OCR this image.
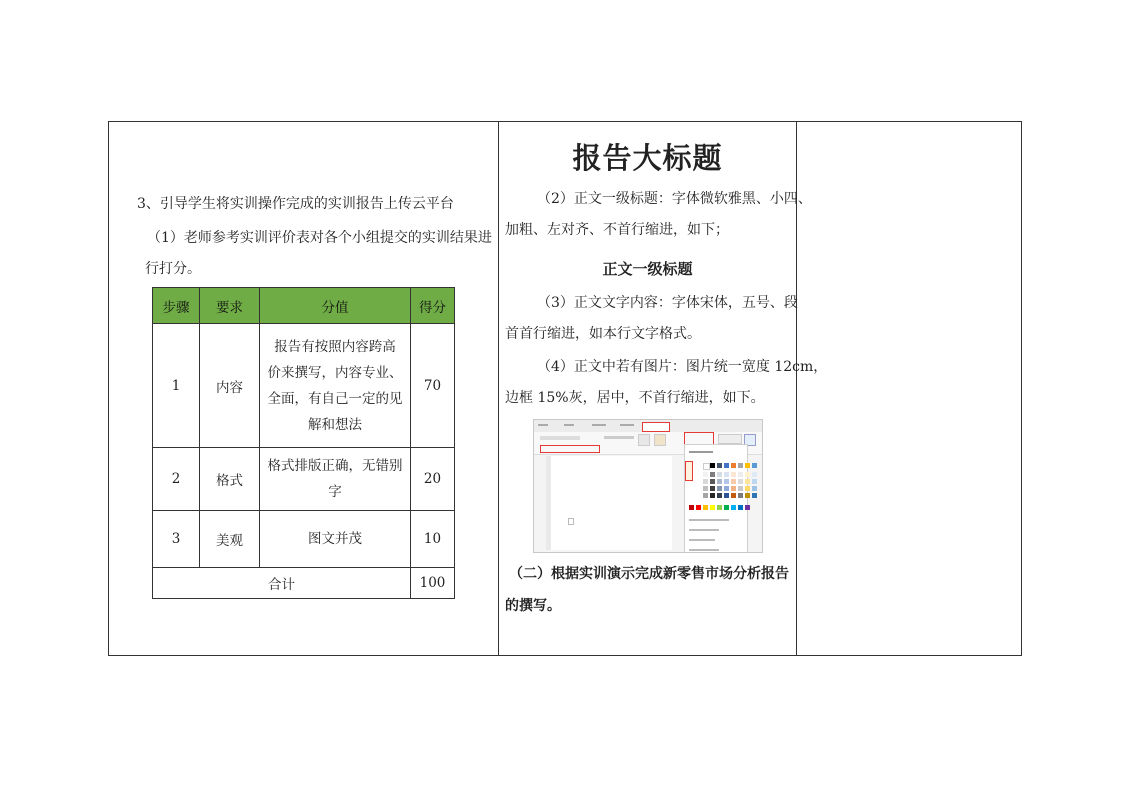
3、引导学生将实训操作完成的实训报告上传云平台
（1）老师参考实训评价表对各个小组提交的实训结果进
行打分。
步骤	要求	分值	得分
1	内容	报告有按照内容跨高
价来撰写，内容专业、
全面，有自己一定的见
解和想法	70
2	格式	格式排版正确，无错别
字	20
3	美观	图文并茂	10
合计			100
报告大标题
（2）正文一级标题：字体微软雅黑、小四、
加粗、左对齐、不首行缩进，如下；
正文一级标题
（3）正文文字内容：字体宋体，五号、段
首首行缩进，如本行文字格式。
（4）正文中若有图片：图片统一宽度 12cm，
边框 15%灰，居中，不首行缩进，如下。
（二）根据实训演示完成新零售市场分析报告
的撰写。
